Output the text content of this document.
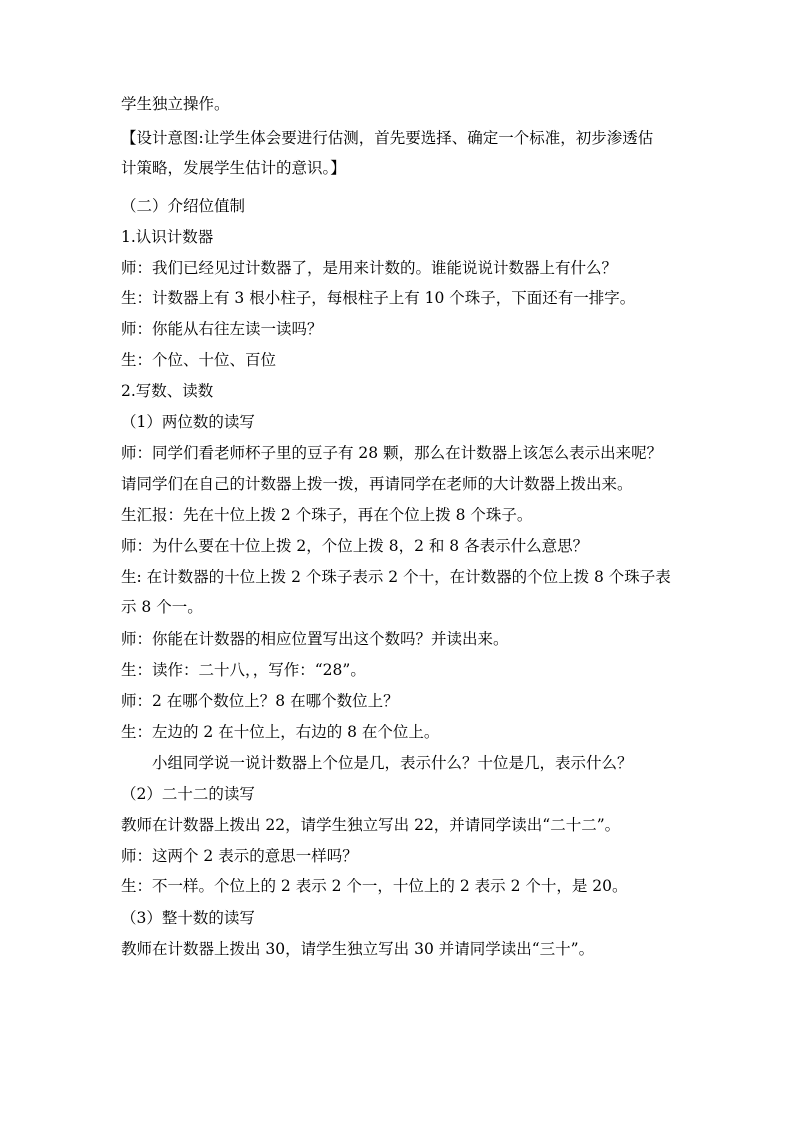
学生独立操作。
【设计意图:让学生体会要进行估测，首先要选择、确定一个标准，初步渗透估
计策略，发展学生估计的意识。】
（二）介绍位值制
1.认识计数器
师：我们已经见过计数器了，是用来计数的。谁能说说计数器上有什么？
生：计数器上有 3 根小柱子，每根柱子上有 10 个珠子，下面还有一排字。
师：你能从右往左读一读吗？
生：个位、十位、百位
2.写数、读数
（1）两位数的读写
师：同学们看老师杯子里的豆子有 28 颗，那么在计数器上该怎么表示出来呢？
请同学们在自己的计数器上拨一拨，再请同学在老师的大计数器上拨出来。
生汇报：先在十位上拨 2 个珠子，再在个位上拨 8 个珠子。
师：为什么要在十位上拨 2，个位上拨 8，2 和 8 各表示什么意思？
生: 在计数器的十位上拨 2 个珠子表示 2 个十，在计数器的个位上拨 8 个珠子表
示 8 个一。
师：你能在计数器的相应位置写出这个数吗？并读出来。
生：读作：二十八，，写作：“28”。
师：2 在哪个数位上？8 在哪个数位上？
生：左边的 2 在十位上，右边的 8 在个位上。
小组同学说一说计数器上个位是几，表示什么？十位是几，表示什么？
（2）二十二的读写
教师在计数器上拨出 22，请学生独立写出 22，并请同学读出“二十二”。
师：这两个 2 表示的意思一样吗？
生：不一样。个位上的 2 表示 2 个一，十位上的 2 表示 2 个十，是 20。
（3）整十数的读写
教师在计数器上拨出 30，请学生独立写出 30 并请同学读出“三十”。
